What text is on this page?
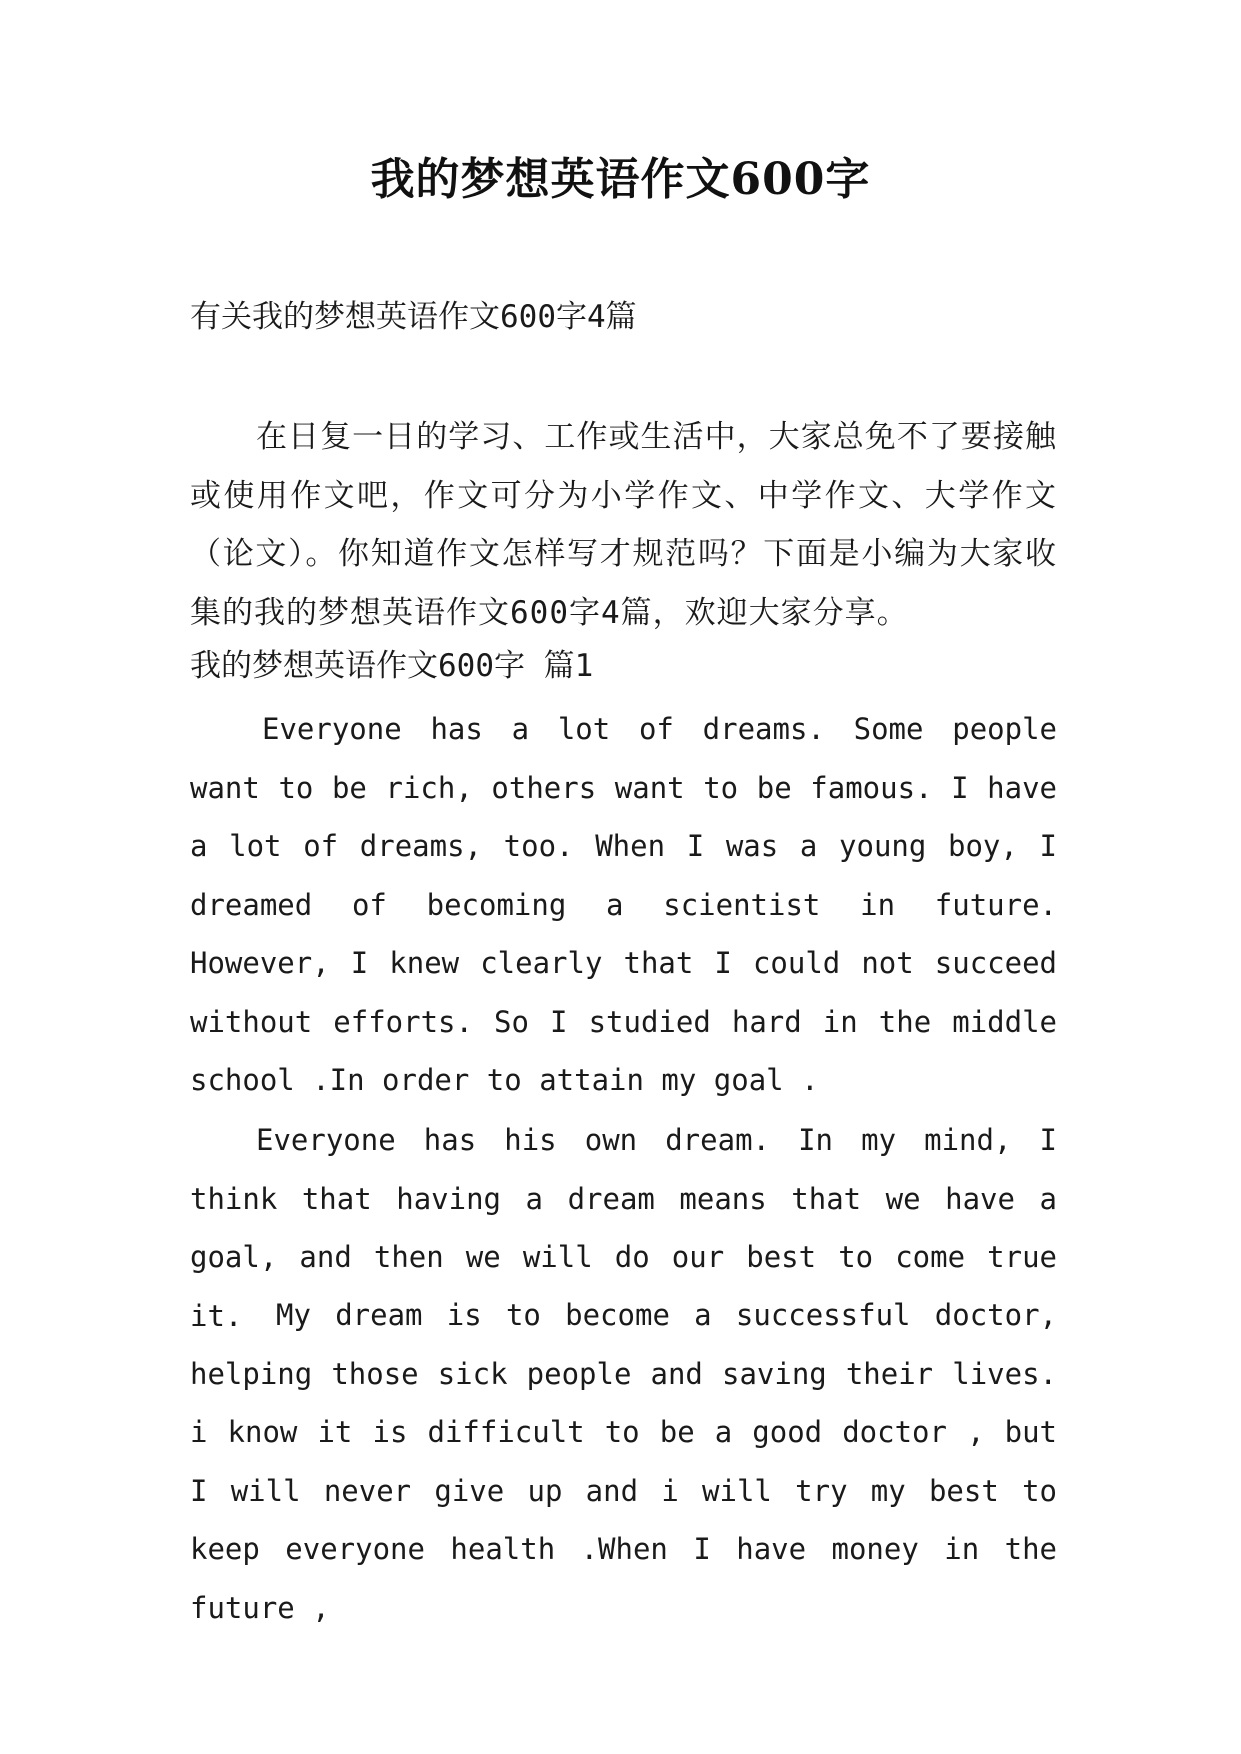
我的梦想英语作文600字
有关我的梦想英语作文600字4篇

在日复一日的学习、工作或生活中，大家总免不了要接触或使用作文吧，作文可分为小学作文、中学作文、大学作文（论文）。你知道作文怎样写才规范吗？下面是小编为大家收集的我的梦想英语作文600字4篇，欢迎大家分享。

我的梦想英语作文600字 篇1

Everyone has a lot of dreams. Some people want to be rich, others want to be famous. I have a lot of dreams, too. When I was a young boy, I dreamed of becoming a scientist in future. However, I knew clearly that I could not succeed without efforts. So I studied hard in the middle school .In order to attain my goal .

Everyone has his own dream. In my mind, I think that having a dream means that we have a goal, and then we will do our best to come true it.	My dream is to become a successful doctor, helping those sick people and saving their lives. i know it is difficult to be a good doctor , but I will never give up and i will try my best to keep everyone health .When I have money in the future ,
